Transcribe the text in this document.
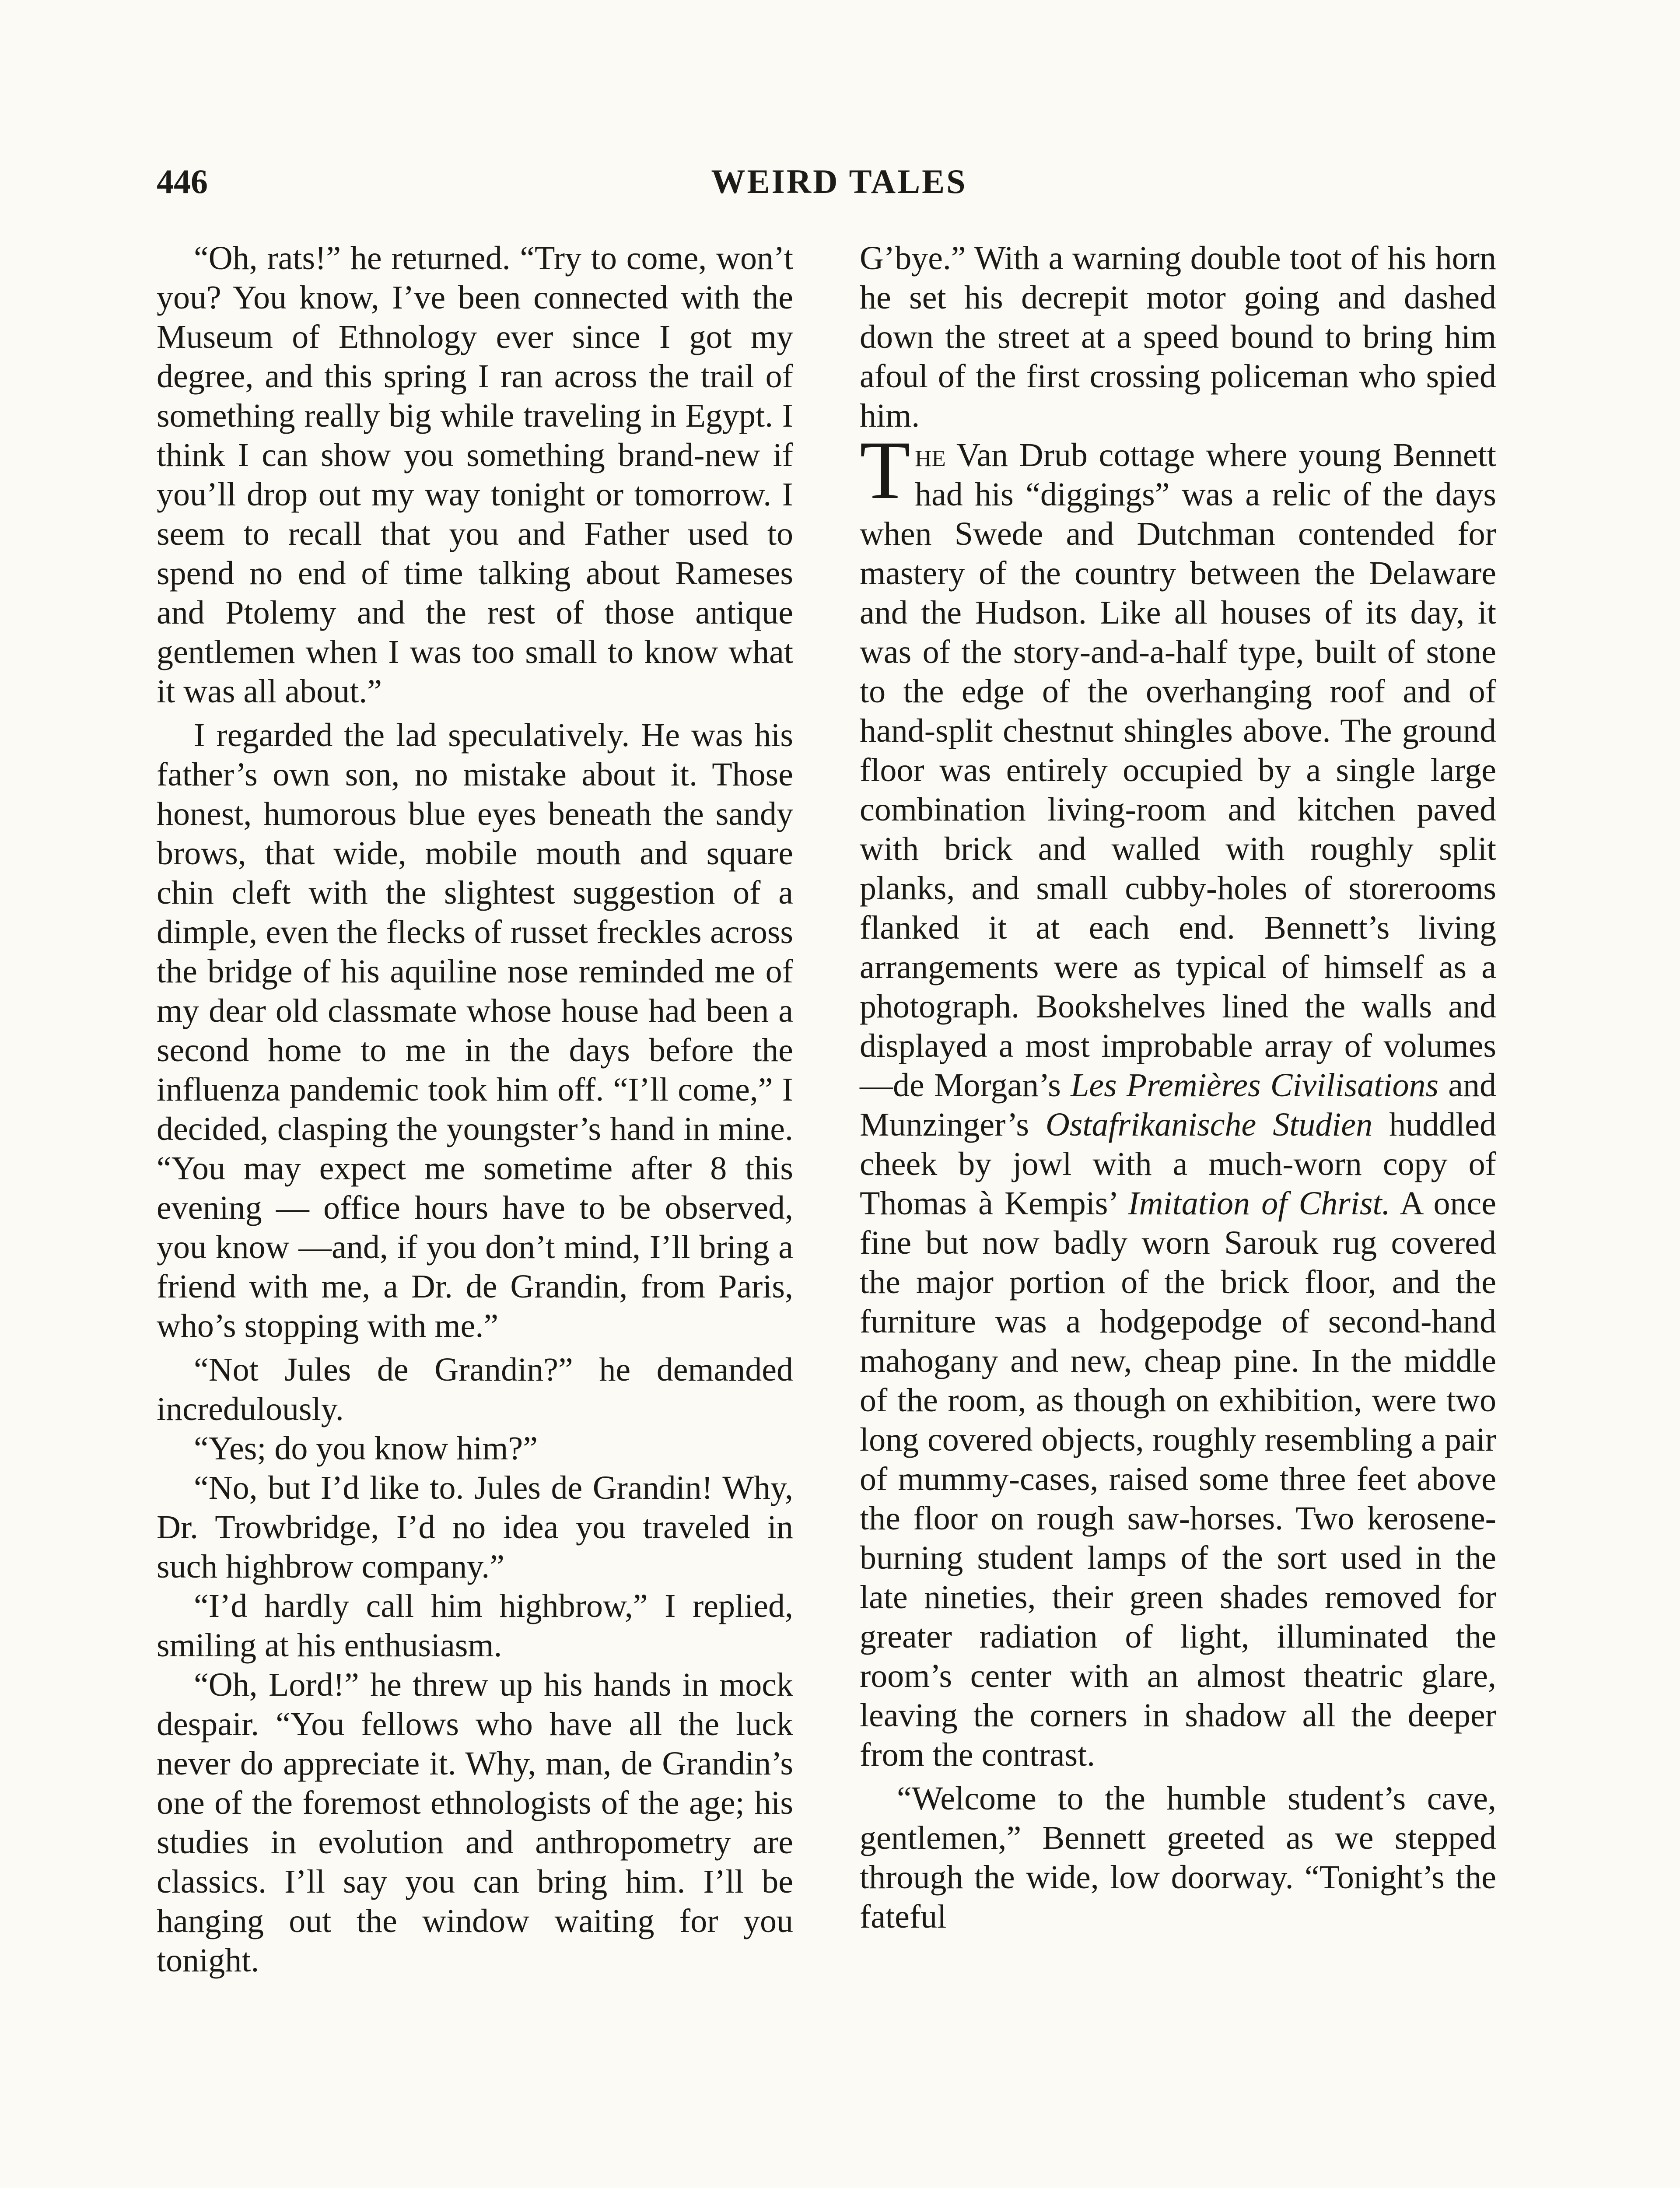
446	WEIRD TALES

“Oh, rats!” he returned. “Try to come, won’t you? You know, I’ve been connected with the Museum of Ethnology ever since I got my degree, and this spring I ran across the trail of something really big while traveling in Egypt. I think I can show you something brand-new if you’ll drop out my way tonight or tomorrow. I seem to recall that you and Father used to spend no end of time talking about Rameses and Ptolemy and the rest of those antique gentlemen when I was too small to know what it was all about.”

I regarded the lad speculatively. He was his father’s own son, no mistake about it. Those honest, humorous blue eyes beneath the sandy brows, that wide, mobile mouth and square chin cleft with the slightest suggestion of a dimple, even the flecks of russet freckles across the bridge of his aquiline nose reminded me of my dear old classmate whose house had been a second home to me in the days before the influenza pandemic took him off. “I’ll come,” I decided, clasping the youngster’s hand in mine. “You may expect me sometime after 8 this evening — office hours have to be observed, you know —and, if you don’t mind, I’ll bring a friend with me, a Dr. de Grandin, from Paris, who’s stopping with me.”

“Not Jules de Grandin?” he demanded incredulously.

“Yes; do you know him?”

“No, but I’d like to. Jules de Grandin! Why, Dr. Trowbridge, I’d no idea you traveled in such highbrow company.”

“I’d hardly call him highbrow,” I replied, smiling at his enthusiasm.

“Oh, Lord!” he threw up his hands in mock despair. “You fellows who have all the luck never do appreciate it. Why, man, de Grandin’s one of the foremost ethnologists of the age; his studies in evolution and anthropometry are classics. I’ll say you can bring him. I’ll be hanging out the window waiting for you tonight.

G’bye.” With a warning double toot of his horn he set his decrepit motor going and dashed down the street at a speed bound to bring him afoul of the first crossing policeman who spied him.

The Van Drub cottage where young Bennett had his “diggings” was a relic of the days when Swede and Dutchman contended for mastery of the country between the Delaware and the Hudson. Like all houses of its day, it was of the story-and-a-half type, built of stone to the edge of the overhanging roof and of hand-split chestnut shingles above. The ground floor was entirely occupied by a single large combination living-room and kitchen paved with brick and walled with roughly split planks, and small cubby-holes of storerooms flanked it at each end. Bennett’s living arrangements were as typical of himself as a photograph. Bookshelves lined the walls and displayed a most improbable array of volumes—de Morgan’s Les Premières Civilisations and Munzinger’s Ostafrikanische Studien huddled cheek by jowl with a much-worn copy of Thomas à Kempis’ Imitation of Christ. A once fine but now badly worn Sarouk rug covered the major portion of the brick floor, and the furniture was a hodgepodge of second-hand mahogany and new, cheap pine. In the middle of the room, as though on exhibition, were two long covered objects, roughly resembling a pair of mummy-cases, raised some three feet above the floor on rough saw-horses. Two kerosene-burning student lamps of the sort used in the late nineties, their green shades removed for greater radiation of light, illuminated the room’s center with an almost theatric glare, leaving the corners in shadow all the deeper from the contrast.

“Welcome to the humble student’s cave, gentlemen,” Bennett greeted as we stepped through the wide, low doorway. “Tonight’s the fateful
